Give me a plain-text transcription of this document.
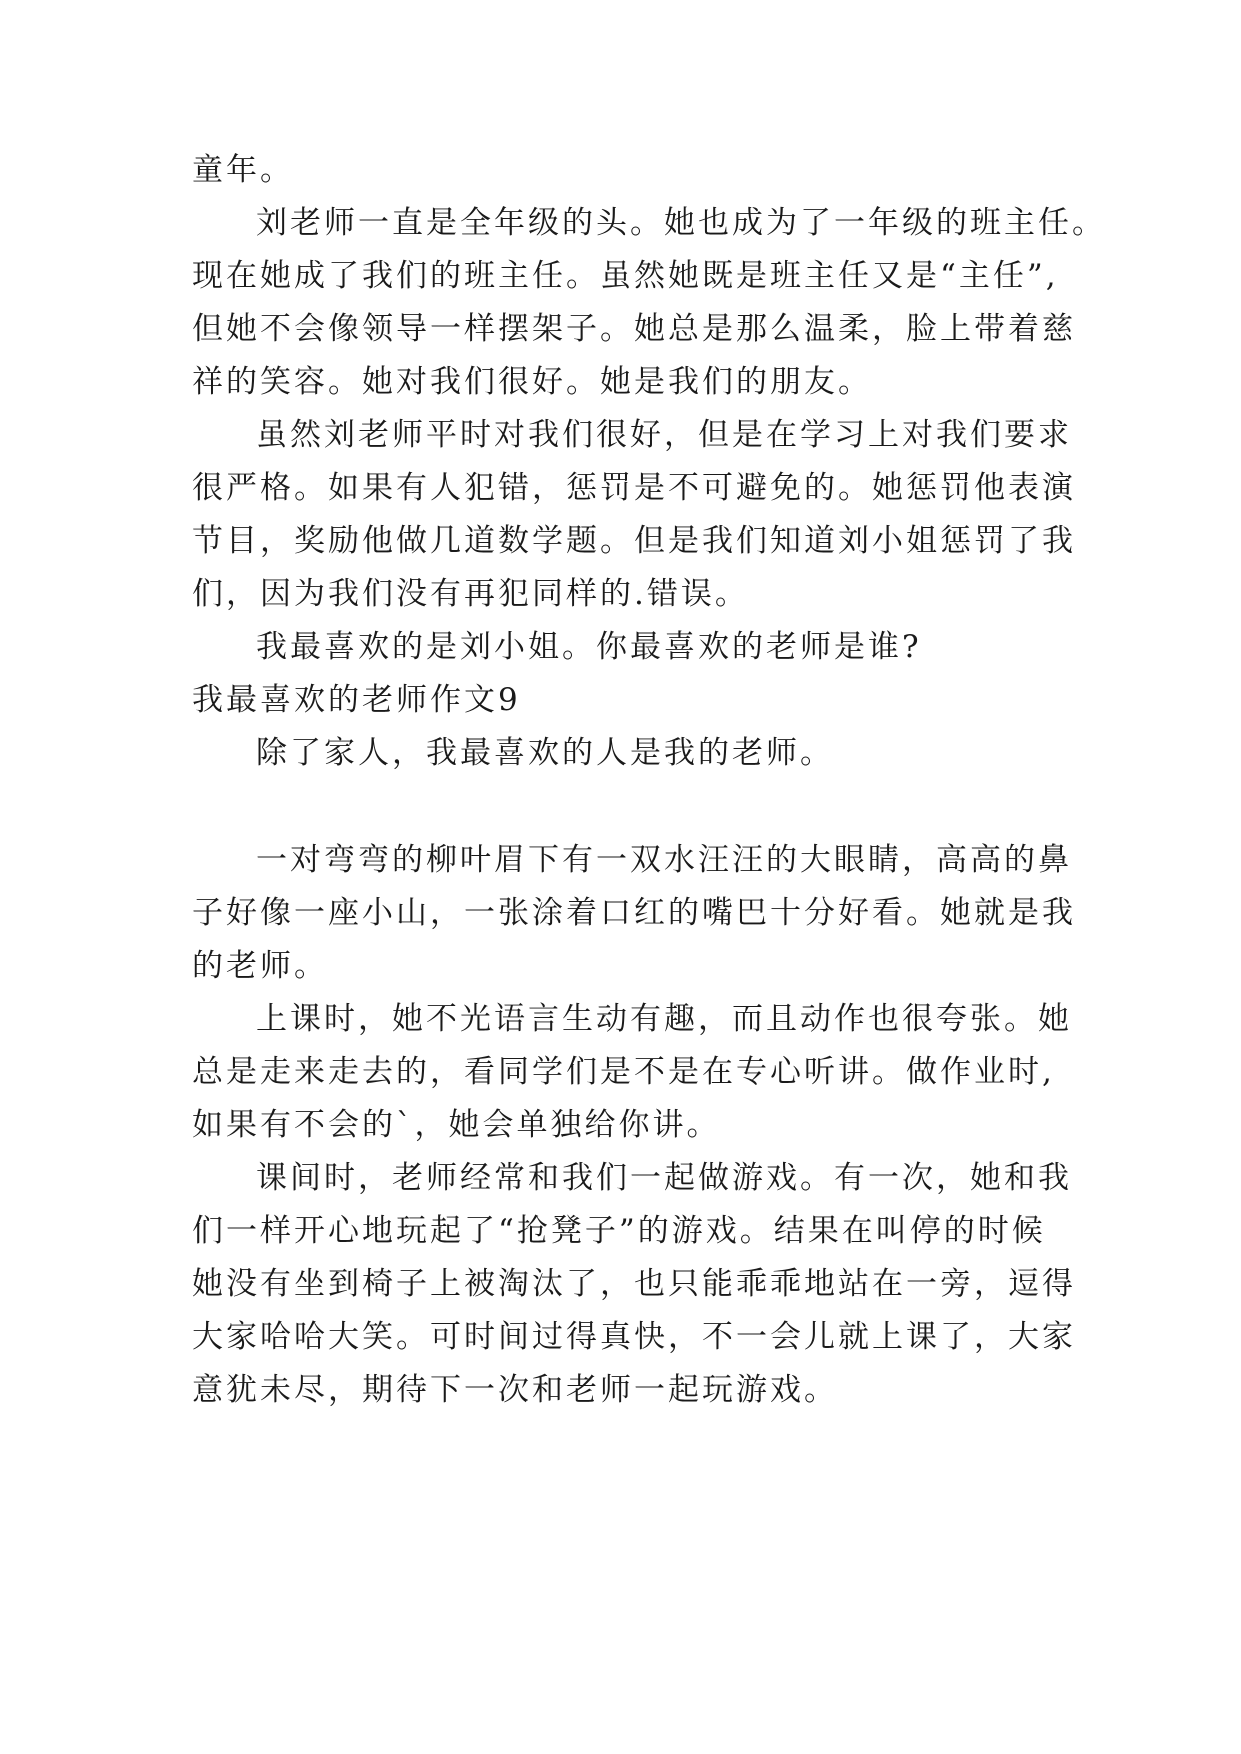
童年。
刘老师一直是全年级的头。她也成为了一年级的班主任。
现在她成了我们的班主任。虽然她既是班主任又是“主任”,
但她不会像领导一样摆架子。她总是那么温柔，脸上带着慈
祥的笑容。她对我们很好。她是我们的朋友。
虽然刘老师平时对我们很好，但是在学习上对我们要求
很严格。如果有人犯错，惩罚是不可避免的。她惩罚他表演
节目，奖励他做几道数学题。但是我们知道刘小姐惩罚了我
们，因为我们没有再犯同样的.错误。
我最喜欢的是刘小姐。你最喜欢的老师是谁?
我最喜欢的老师作文9
除了家人，我最喜欢的人是我的老师。
一对弯弯的柳叶眉下有一双水汪汪的大眼睛，高高的鼻
子好像一座小山，一张涂着口红的嘴巴十分好看。她就是我
的老师。
上课时，她不光语言生动有趣，而且动作也很夸张。她
总是走来走去的，看同学们是不是在专心听讲。做作业时,
如果有不会的`，她会单独给你讲。
课间时，老师经常和我们一起做游戏。有一次，她和我
们一样开心地玩起了“抢凳子”的游戏。结果在叫停的时候
她没有坐到椅子上被淘汰了，也只能乖乖地站在一旁，逗得
大家哈哈大笑。可时间过得真快，不一会儿就上课了，大家
意犹未尽，期待下一次和老师一起玩游戏。
